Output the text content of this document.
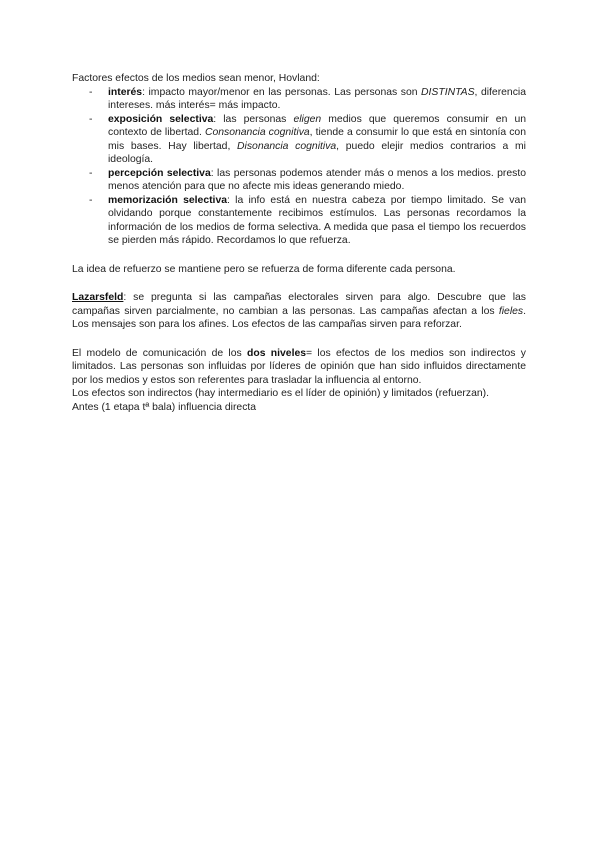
Factores efectos de los medios sean menor, Hovland:

- interés: impacto mayor/menor en las personas. Las personas son DISTINTAS, diferencia intereses. más interés= más impacto.
- exposición selectiva: las personas eligen medios que queremos consumir en un contexto de libertad. Consonancia cognitiva, tiende a consumir lo que está en sintonía con mis bases. Hay libertad, Disonancia cognitiva, puedo elejir medios contrarios a mi ideología.
- percepción selectiva: las personas podemos atender más o menos a los medios. presto menos atención para que no afecte mis ideas generando miedo.
- memorización selectiva: la info está en nuestra cabeza por tiempo limitado. Se van olvidando porque constantemente recibimos estímulos. Las personas recordamos la información de los medios de forma selectiva. A medida que pasa el tiempo los recuerdos se pierden más rápido. Recordamos lo que refuerza.

La idea de refuerzo se mantiene pero se refuerza de forma diferente cada persona.

Lazarsfeld: se pregunta si las campañas electorales sirven para algo. Descubre que las campañas sirven parcialmente, no cambian a las personas. Las campañas afectan a los fieles. Los mensajes son para los afines. Los efectos de las campañas sirven para reforzar.

El modelo de comunicación de los dos niveles= los efectos de los medios son indirectos y limitados. Las personas son influidas por líderes de opinión que han sido influidos directamente por los medios y estos son referentes para trasladar la influencia al entorno.

Los efectos son indirectos (hay intermediario es el líder de opinión) y limitados (refuerzan).

Antes (1 etapa tª bala) influencia directa
